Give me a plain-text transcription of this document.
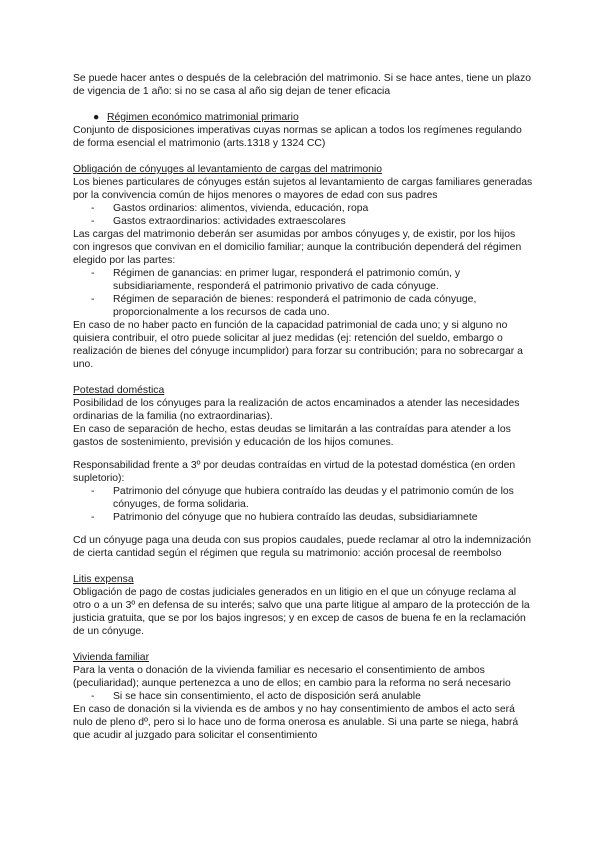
Se puede hacer antes o después de la celebración del matrimonio. Si se hace antes, tiene un plazo de vigencia de 1 año: si no se casa al año sig dejan de tener eficacia

● Régimen económico matrimonial primario

Conjunto de disposiciones imperativas cuyas normas se aplican a todos los regímenes regulando de forma esencial el matrimonio (arts.1318 y 1324 CC)

Obligación de cónyuges al levantamiento de cargas del matrimonio

Los bienes particulares de cónyuges están sujetos al levantamiento de cargas familiares generadas por la convivencia común de hijos menores o mayores de edad con sus padres

-	Gastos ordinarios: alimentos, vivienda, educación, ropa
-	Gastos extraordinarios: actividades extraescolares

Las cargas del matrimonio deberán ser asumidas por ambos cónyuges y, de existir, por los hijos con ingresos que convivan en el domicilio familiar; aunque la contribución dependerá del régimen elegido por las partes:

-	Régimen de ganancias: en primer lugar, responderá el patrimonio común, y subsidiariamente, responderá el patrimonio privativo de cada cónyuge.
-	Régimen de separación de bienes: responderá el patrimonio de cada cónyuge, proporcionalmente a los recursos de cada uno.

En caso de no haber pacto en función de la capacidad patrimonial de cada uno; y si alguno no quisiera contribuir, el otro puede solicitar al juez medidas (ej: retención del sueldo, embargo o realización de bienes del cónyuge incumplidor) para forzar su contribución; para no sobrecargar a uno.

Potestad doméstica

Posibilidad de los cónyuges para la realización de actos encaminados a atender las necesidades ordinarias de la familia (no extraordinarias).

En caso de separación de hecho, estas deudas se limitarán a las contraídas para atender a los gastos de sostenimiento, previsión y educación de los hijos comunes.

Responsabilidad frente a 3º por deudas contraídas en virtud de la potestad doméstica (en orden supletorio):

-	Patrimonio del cónyuge que hubiera contraído las deudas y el patrimonio común de los cónyuges, de forma solidaria.
-	Patrimonio del cónyuge que no hubiera contraído las deudas, subsidiariamnete

Cd un cónyuge paga una deuda con sus propios caudales, puede reclamar al otro la indemnización de cierta cantidad según el régimen que regula su matrimonio: acción procesal de reembolso

Litis expensa

Obligación de pago de costas judiciales generados en un litigio en el que un cónyuge reclama al otro o a un 3º en defensa de su interés; salvo que una parte litigue al amparo de la protección de la justicia gratuita, que se por los bajos ingresos; y en excep de casos de buena fe en la reclamación de un cónyuge.

Vivienda familiar

Para la venta o donación de la vivienda familiar es necesario el consentimiento de ambos (peculiaridad); aunque pertenezca a uno de ellos; en cambio para la reforma no será necesario

-	Si se hace sin consentimiento, el acto de disposición será anulable

En caso de donación si la vivienda es de ambos y no hay consentimiento de ambos el acto será nulo de pleno dº, pero si lo hace uno de forma onerosa es anulable. Si una parte se niega, habrá que acudir al juzgado para solicitar el consentimiento
